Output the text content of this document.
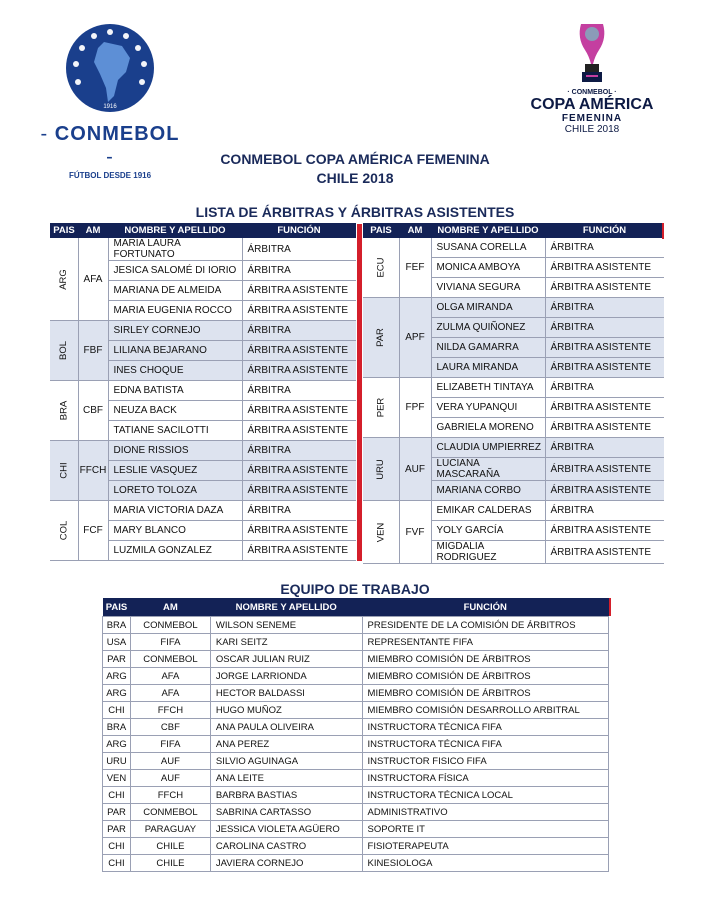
1916
- CONMEBOL -
FÚTBOL DESDE 1916
· CONMEBOL ·
COPA AMÉRICA
FEMENINA
CHILE 2018
CONMEBOL COPA AMÉRICA FEMENINA
CHILE 2018
LISTA DE ÁRBITRAS Y ÁRBITRAS ASISTENTES
PAIS	AM	NOMBRE Y APELLIDO	FUNCIÓN
ARG	AFA	MARIA LAURA FORTUNATO	ÁRBITRA
		JESICA SALOMÉ DI IORIO	ÁRBITRA
		MARIANA DE ALMEIDA	ÁRBITRA ASISTENTE
		MARIA EUGENIA ROCCO	ÁRBITRA ASISTENTE
BOL	FBF	SIRLEY CORNEJO	ÁRBITRA
		LILIANA BEJARANO	ÁRBITRA ASISTENTE
		INES CHOQUE	ÁRBITRA ASISTENTE
BRA	CBF	EDNA BATISTA	ÁRBITRA
		NEUZA BACK	ÁRBITRA ASISTENTE
		TATIANE SACILOTTI	ÁRBITRA ASISTENTE
CHI	FFCH	DIONE RISSIOS	ÁRBITRA
		LESLIE VASQUEZ	ÁRBITRA ASISTENTE
		LORETO TOLOZA	ÁRBITRA ASISTENTE
COL	FCF	MARIA VICTORIA DAZA	ÁRBITRA
		MARY BLANCO	ÁRBITRA ASISTENTE
		LUZMILA GONZALEZ	ÁRBITRA ASISTENTE
PAIS	AM	NOMBRE Y APELLIDO	FUNCIÓN
ECU	FEF	SUSANA CORELLA	ÁRBITRA
		MONICA AMBOYA	ÁRBITRA ASISTENTE
		VIVIANA SEGURA	ÁRBITRA ASISTENTE
PAR	APF	OLGA MIRANDA	ÁRBITRA
		ZULMA QUIÑONEZ	ÁRBITRA
		NILDA GAMARRA	ÁRBITRA ASISTENTE
		LAURA MIRANDA	ÁRBITRA ASISTENTE
PER	FPF	ELIZABETH TINTAYA	ÁRBITRA
		VERA YUPANQUI	ÁRBITRA ASISTENTE
		GABRIELA MORENO	ÁRBITRA ASISTENTE
URU	AUF	CLAUDIA UMPIERREZ	ÁRBITRA
		LUCIANA MASCARAÑA	ÁRBITRA ASISTENTE
		MARIANA CORBO	ÁRBITRA ASISTENTE
VEN	FVF	EMIKAR CALDERAS	ÁRBITRA
		YOLY GARCÍA	ÁRBITRA ASISTENTE
		MIGDALIA RODRIGUEZ	ÁRBITRA ASISTENTE
EQUIPO DE TRABAJO
PAIS	AM	NOMBRE Y APELLIDO	FUNCIÓN
BRA	CONMEBOL	WILSON SENEME	PRESIDENTE DE LA COMISIÓN DE ÁRBITROS
USA	FIFA	KARI SEITZ	REPRESENTANTE FIFA
PAR	CONMEBOL	OSCAR JULIAN RUIZ	MIEMBRO COMISIÓN DE ÁRBITROS
ARG	AFA	JORGE LARRIONDA	MIEMBRO COMISIÓN DE ÁRBITROS
ARG	AFA	HECTOR BALDASSI	MIEMBRO COMISIÓN DE ÁRBITROS
CHI	FFCH	HUGO MUÑOZ	MIEMBRO COMISIÓN DESARROLLO ARBITRAL
BRA	CBF	ANA PAULA OLIVEIRA	INSTRUCTORA TÉCNICA FIFA
ARG	FIFA	ANA PEREZ	INSTRUCTORA TÉCNICA FIFA
URU	AUF	SILVIO AGUINAGA	INSTRUCTOR FISICO FIFA
VEN	AUF	ANA LEITE	INSTRUCTORA FÍSICA
CHI	FFCH	BARBRA BASTIAS	INSTRUCTORA TÉCNICA LOCAL
PAR	CONMEBOL	SABRINA CARTASSO	ADMINISTRATIVO
PAR	PARAGUAY	JESSICA VIOLETA AGÜERO	SOPORTE IT
CHI	CHILE	CAROLINA CASTRO	FISIOTERAPEUTA
CHI	CHILE	JAVIERA CORNEJO	KINESIOLOGA
